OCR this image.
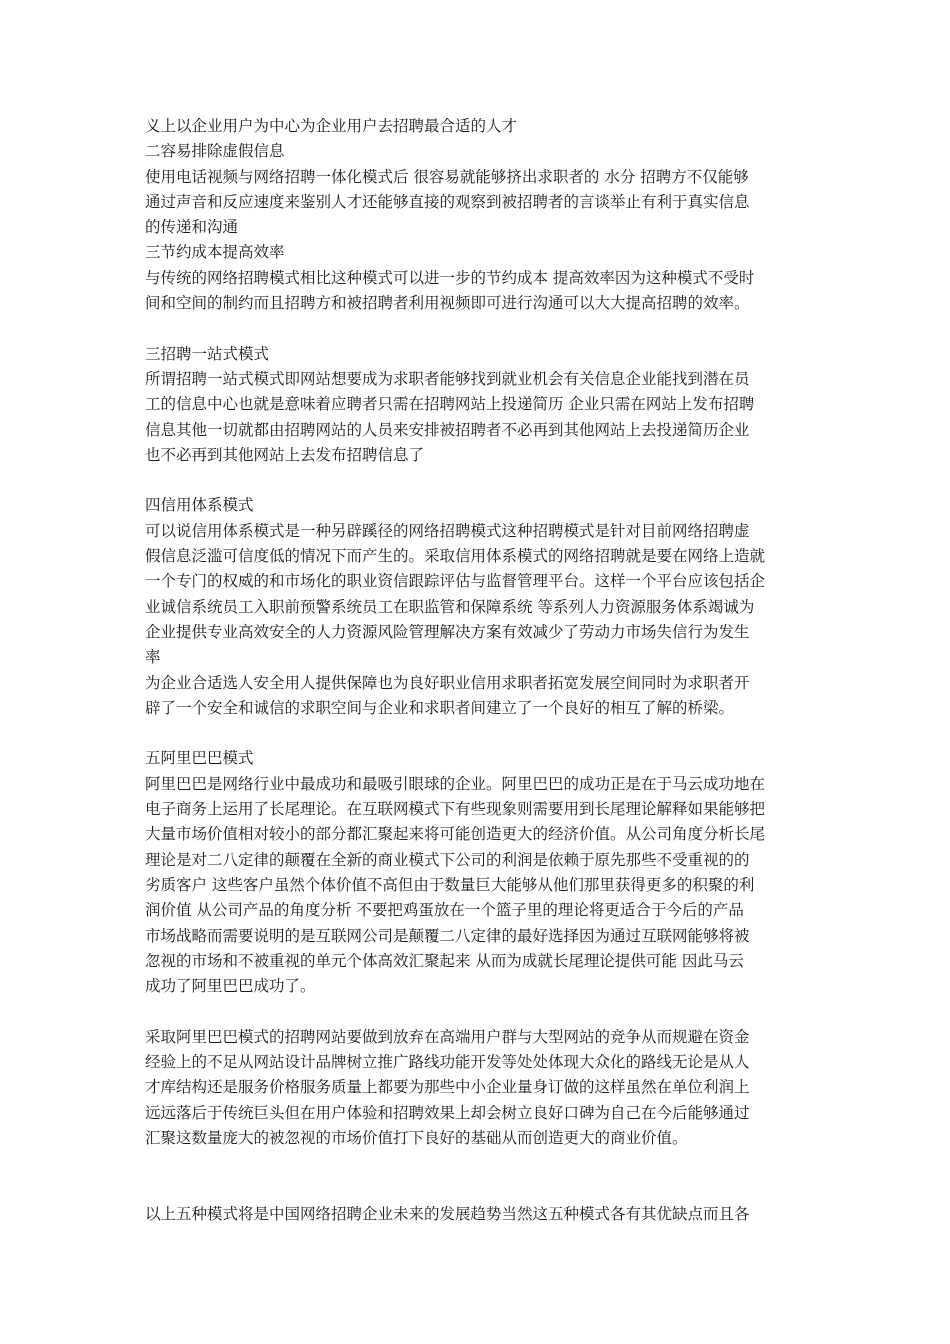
义上以企业用户为中心为企业用户去招聘最合适的人才
二容易排除虚假信息
使用电话视频与网络招聘一体化模式后 很容易就能够挤出求职者的 水分 招聘方不仅能够
通过声音和反应速度来鉴别人才还能够直接的观察到被招聘者的言谈举止有利于真实信息
的传递和沟通
三节约成本提高效率
与传统的网络招聘模式相比这种模式可以进一步的节约成本 提高效率因为这种模式不受时
间和空间的制约而且招聘方和被招聘者利用视频即可进行沟通可以大大提高招聘的效率。
三招聘一站式模式
所谓招聘一站式模式即网站想要成为求职者能够找到就业机会有关信息企业能找到潜在员
工的信息中心也就是意味着应聘者只需在招聘网站上投递简历 企业只需在网站上发布招聘
信息其他一切就都由招聘网站的人员来安排被招聘者不必再到其他网站上去投递简历企业
也不必再到其他网站上去发布招聘信息了
四信用体系模式
可以说信用体系模式是一种另辟蹊径的网络招聘模式这种招聘模式是针对目前网络招聘虚
假信息泛滥可信度低的情况下而产生的。采取信用体系模式的网络招聘就是要在网络上造就
一个专门的权威的和市场化的职业资信跟踪评估与监督管理平台。这样一个平台应该包括企
业诚信系统员工入职前预警系统员工在职监管和保障系统 等系列人力资源服务体系竭诚为
企业提供专业高效安全的人力资源风险管理解决方案有效减少了劳动力市场失信行为发生
率
为企业合适选人安全用人提供保障也为良好职业信用求职者拓宽发展空间同时为求职者开
辟了一个安全和诚信的求职空间与企业和求职者间建立了一个良好的相互了解的桥梁。
五阿里巴巴模式
阿里巴巴是网络行业中最成功和最吸引眼球的企业。阿里巴巴的成功正是在于马云成功地在
电子商务上运用了长尾理论。在互联网模式下有些现象则需要用到长尾理论解释如果能够把
大量市场价值相对较小的部分都汇聚起来将可能创造更大的经济价值。从公司角度分析长尾
理论是对二八定律的颠覆在全新的商业模式下公司的利润是依赖于原先那些不受重视的的
劣质客户 这些客户虽然个体价值不高但由于数量巨大能够从他们那里获得更多的积聚的利
润价值 从公司产品的角度分析 不要把鸡蛋放在一个篮子里的理论将更适合于今后的产品
市场战略而需要说明的是互联网公司是颠覆二八定律的最好选择因为通过互联网能够将被
忽视的市场和不被重视的单元个体高效汇聚起来 从而为成就长尾理论提供可能 因此马云
成功了阿里巴巴成功了。
采取阿里巴巴模式的招聘网站要做到放弃在高端用户群与大型网站的竞争从而规避在资金
经验上的不足从网站设计品牌树立推广路线功能开发等处处体现大众化的路线无论是从人
才库结构还是服务价格服务质量上都要为那些中小企业量身订做的这样虽然在单位利润上
远远落后于传统巨头但在用户体验和招聘效果上却会树立良好口碑为自己在今后能够通过
汇聚这数量庞大的被忽视的市场价值打下良好的基础从而创造更大的商业价值。
以上五种模式将是中国网络招聘企业未来的发展趋势当然这五种模式各有其优缺点而且各
